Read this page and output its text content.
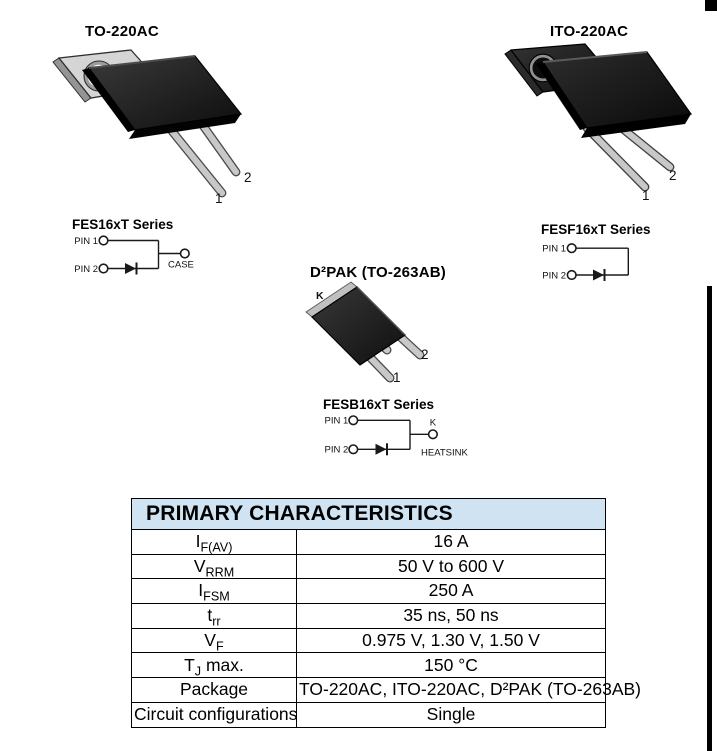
TO-220AC
1
2
ITO-220AC
1
2
FES16xT Series
PIN 1
PIN 2	CASE
FESF16xT Series
PIN 1
PIN 2
D²PAK (TO-263AB)
K
1
2
FESB16xT Series
PIN 1
PIN 2
K
HEATSINK
PRIMARY CHARACTERISTICS	
$I_{F(AV)}$	16 A
$V_{RRM}$	50 V to 600 V
$I_{FSM}$	250 A
$t_{rr}$	35 ns, 50 ns
$V_F$	0.975 V, 1.30 V, 1.50 V
$T_J$ max.	150 °C
Package	TO-220AC, ITO-220AC, D²PAK (TO-263AB)
Circuit configurations	Single
